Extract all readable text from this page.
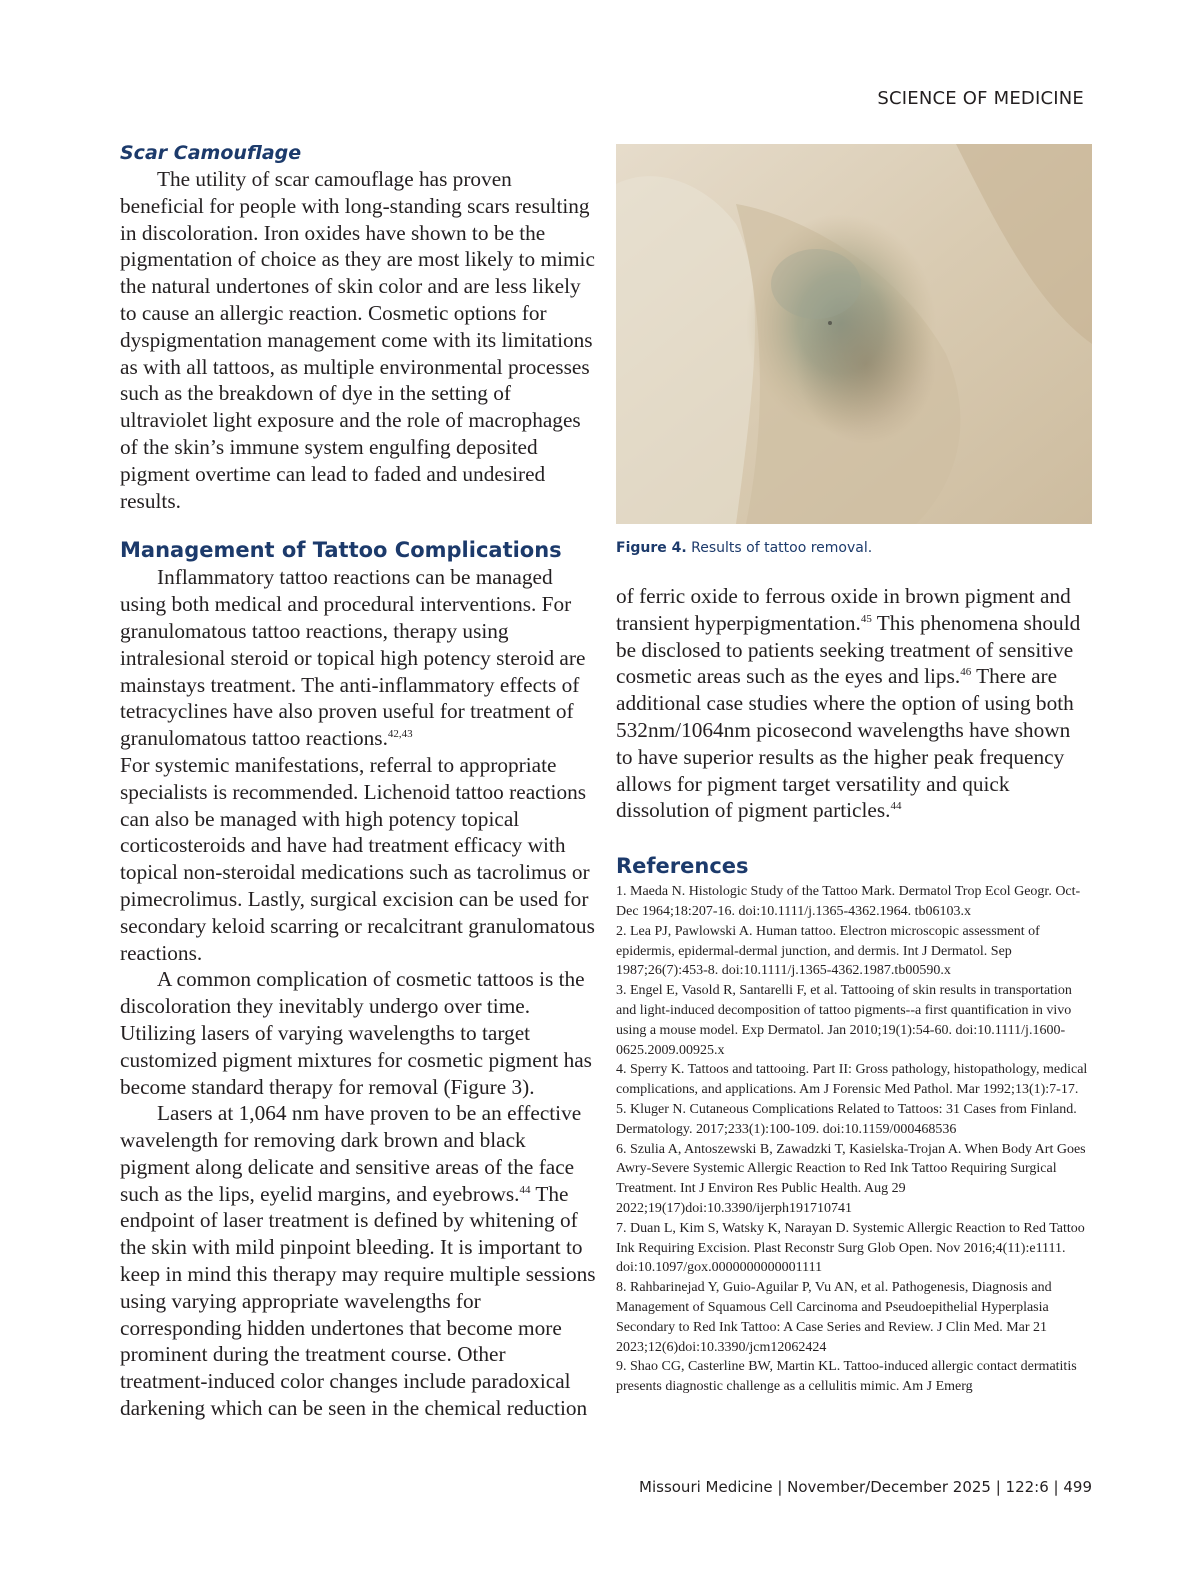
SCIENCE OF MEDICINE
Scar Camouflage

The utility of scar camouflage has proven beneficial for people with long-standing scars resulting in discoloration. Iron oxides have shown to be the pigmentation of choice as they are most likely to mimic the natural undertones of skin color and are less likely to cause an allergic reaction. Cosmetic options for dyspigmentation management come with its limitations as with all tattoos, as multiple environmental processes such as the breakdown of dye in the setting of ultraviolet light exposure and the role of macrophages of the skin’s immune system engulfing deposited pigment overtime can lead to faded and undesired results.

Management of Tattoo Complications

Inflammatory tattoo reactions can be managed using both medical and procedural interventions. For granulomatous tattoo reactions, therapy using intralesional steroid or topical high potency steroid are mainstays treatment. The anti-inflammatory effects of tetracyclines have also proven useful for treatment of granulomatous tattoo reactions.$^{42,43}$
For systemic manifestations, referral to appropriate specialists is recommended. Lichenoid tattoo reactions can also be managed with high potency topical corticosteroids and have had treatment efficacy with topical non-steroidal medications such as tacrolimus or pimecrolimus. Lastly, surgical excision can be used for secondary keloid scarring or recalcitrant granulomatous reactions.

A common complication of cosmetic tattoos is the discoloration they inevitably undergo over time. Utilizing lasers of varying wavelengths to target customized pigment mixtures for cosmetic pigment has become standard therapy for removal (Figure 3).

Lasers at 1,064 nm have proven to be an effective wavelength for removing dark brown and black pigment along delicate and sensitive areas of the face such as the lips, eyelid margins, and eyebrows.$^{44}$ The endpoint of laser treatment is defined by whitening of the skin with mild pinpoint bleeding. It is important to keep in mind this therapy may require multiple sessions using varying appropriate wavelengths for corresponding hidden undertones that become more prominent during the treatment course. Other treatment-induced color changes include paradoxical darkening which can be seen in the chemical reduction

Figure 4. Results of tattoo removal.

of ferric oxide to ferrous oxide in brown pigment and transient hyperpigmentation.$^{45}$ This phenomena should be disclosed to patients seeking treatment of sensitive cosmetic areas such as the eyes and lips.$^{46}$ There are additional case studies where the option of using both 532nm/1064nm picosecond wavelengths have shown to have superior results as the higher peak frequency allows for pigment target versatility and quick dissolution of pigment particles.$^{44}$

References
1. Maeda N. Histologic Study of the Tattoo Mark. Dermatol Trop Ecol Geogr. Oct-Dec 1964;18:207-16. doi:10.1111/j.1365-4362.1964. tb06103.x
2. Lea PJ, Pawlowski A. Human tattoo. Electron microscopic assessment of epidermis, epidermal-dermal junction, and dermis. Int J Dermatol. Sep 1987;26(7):453-8. doi:10.1111/j.1365-4362.1987.tb00590.x
3. Engel E, Vasold R, Santarelli F, et al. Tattooing of skin results in transportation and light-induced decomposition of tattoo pigments--a first quantification in vivo using a mouse model. Exp Dermatol. Jan 2010;19(1):54-60. doi:10.1111/j.1600-0625.2009.00925.x
4. Sperry K. Tattoos and tattooing. Part II: Gross pathology, histopathology, medical complications, and applications. Am J Forensic Med Pathol. Mar 1992;13(1):7-17.
5. Kluger N. Cutaneous Complications Related to Tattoos: 31 Cases from Finland. Dermatology. 2017;233(1):100-109. doi:10.1159/000468536
6. Szulia A, Antoszewski B, Zawadzki T, Kasielska-Trojan A. When Body Art Goes Awry-Severe Systemic Allergic Reaction to Red Ink Tattoo Requiring Surgical Treatment. Int J Environ Res Public Health. Aug 29 2022;19(17)doi:10.3390/ijerph191710741
7. Duan L, Kim S, Watsky K, Narayan D. Systemic Allergic Reaction to Red Tattoo Ink Requiring Excision. Plast Reconstr Surg Glob Open. Nov 2016;4(11):e1111. doi:10.1097/gox.0000000000001111
8. Rahbarinejad Y, Guio-Aguilar P, Vu AN, et al. Pathogenesis, Diagnosis and Management of Squamous Cell Carcinoma and Pseudoepithelial Hyperplasia Secondary to Red Ink Tattoo: A Case Series and Review. J Clin Med. Mar 21 2023;12(6)doi:10.3390/jcm12062424
9. Shao CG, Casterline BW, Martin KL. Tattoo-induced allergic contact dermatitis presents diagnostic challenge as a cellulitis mimic. Am J Emerg
Missouri Medicine | November/December 2025 | 122:6 | 499
